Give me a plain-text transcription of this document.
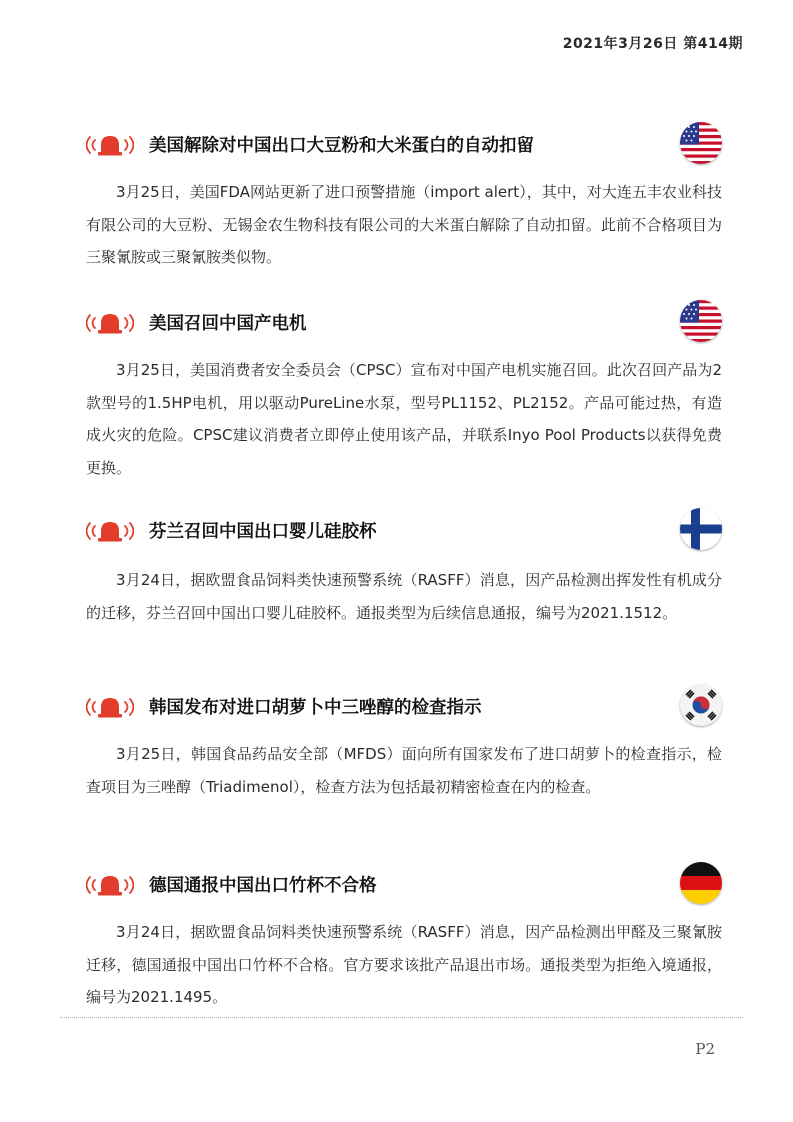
2021年3月26日 第414期
美国解除对中国出口大豆粉和大米蛋白的自动扣留

3月25日，美国FDA网站更新了进口预警措施（import alert），其中，对大连五丰农业科技有限公司的大豆粉、无锡金农生物科技有限公司的大米蛋白解除了自动扣留。此前不合格项目为三聚氰胺或三聚氰胺类似物。

美国召回中国产电机

3月25日，美国消费者安全委员会（CPSC）宣布对中国产电机实施召回。此次召回产品为2款型号的1.5HP电机，用以驱动PureLine水泵，型号PL1152、PL2152。产品可能过热，有造成火灾的危险。CPSC建议消费者立即停止使用该产品，并联系Inyo Pool Products以获得免费更换。

芬兰召回中国出口婴儿硅胶杯

3月24日，据欧盟食品饲料类快速预警系统（RASFF）消息，因产品检测出挥发性有机成分的迁移，芬兰召回中国出口婴儿硅胶杯。通报类型为后续信息通报，编号为2021.1512。

韩国发布对进口胡萝卜中三唑醇的检查指示

3月25日，韩国食品药品安全部（MFDS）面向所有国家发布了进口胡萝卜的检查指示，检查项目为三唑醇（Triadimenol），检查方法为包括最初精密检查在内的检查。

德国通报中国出口竹杯不合格

3月24日，据欧盟食品饲料类快速预警系统（RASFF）消息，因产品检测出甲醛及三聚氰胺迁移，德国通报中国出口竹杯不合格。官方要求该批产品退出市场。通报类型为拒绝入境通报，编号为2021.1495。

P2
